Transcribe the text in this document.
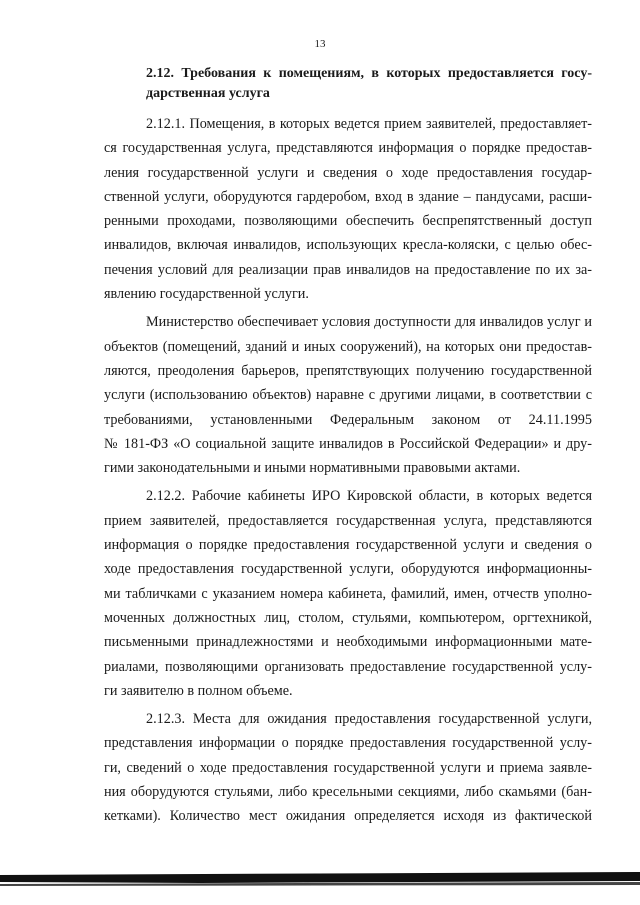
13
2.12. Требования к помещениям, в которых предоставляется госу-
дарственная услуга
2.12.1. Помещения, в которых ведется прием заявителей, предоставляет-
ся государственная услуга, представляются информация о порядке предостав-
ления государственной услуги и сведения о ходе предоставления государ-
ственной услуги, оборудуются гардеробом, вход в здание – пандусами, расши-
ренными проходами, позволяющими обеспечить беспрепятственный доступ
инвалидов, включая инвалидов, использующих кресла-коляски, с целью обес-
печения условий для реализации прав инвалидов на предоставление по их за-
явлению государственной услуги.
Министерство обеспечивает условия доступности для инвалидов услуг и
объектов (помещений, зданий и иных сооружений), на которых они предостав-
ляются, преодоления барьеров, препятствующих получению государственной
услуги (использованию объектов) наравне с другими лицами, в соответствии с
требованиями, установленными Федеральным законом от 24.11.1995
№ 181-ФЗ «О социальной защите инвалидов в Российской Федерации» и дру-
гими законодательными и иными нормативными правовыми актами.
2.12.2. Рабочие кабинеты ИРО Кировской области, в которых ведется
прием заявителей, предоставляется государственная услуга, представляются
информация о порядке предоставления государственной услуги и сведения о
ходе предоставления государственной услуги, оборудуются информационны-
ми табличками с указанием номера кабинета, фамилий, имен, отчеств уполно-
моченных должностных лиц, столом, стульями, компьютером, оргтехникой,
письменными принадлежностями и необходимыми информационными мате-
риалами, позволяющими организовать предоставление государственной услу-
ги заявителю в полном объеме.
2.12.3. Места для ожидания предоставления государственной услуги,
представления информации о порядке предоставления государственной услу-
ги, сведений о ходе предоставления государственной услуги и приема заявле-
ния оборудуются стульями, либо кресельными секциями, либо скамьями (бан-
кетками). Количество мест ожидания определяется исходя из фактической
